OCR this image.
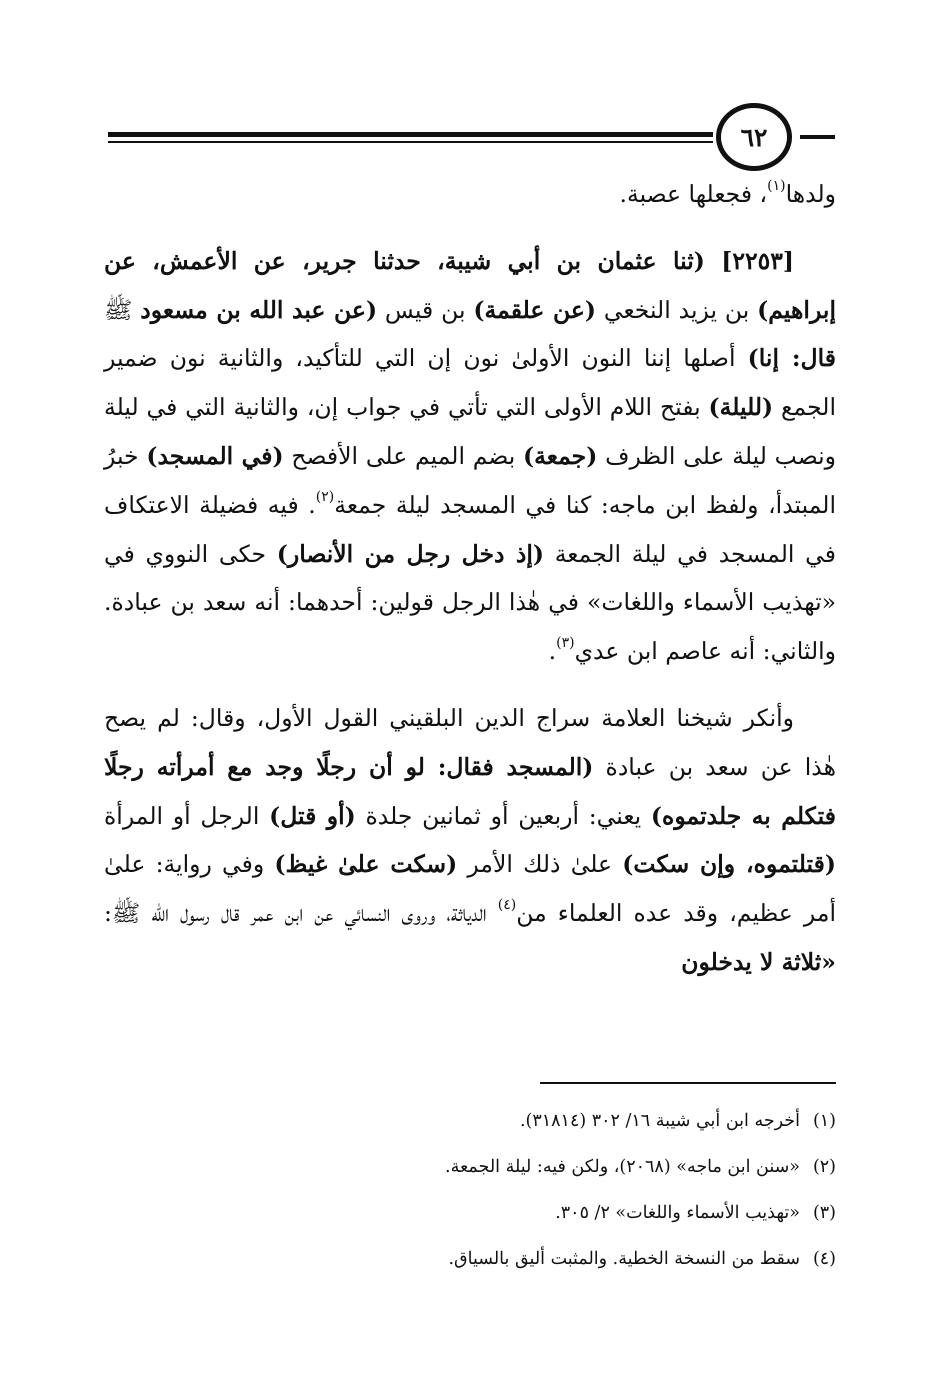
٦٢

ولدها$^{(١)}$، فجعلها عصبة.

[٢٢٥٣] (ثنا عثمان بن أبي شيبة، حدثنا جرير، عن الأعمش، عن إبراهيم) بن يزيد النخعي (عن علقمة) بن قيس (عن عبد الله بن مسعود ﷺ قال: إنا) أصلها إننا النون الأولىٰ نون إن التي للتأكيد، والثانية نون ضمير الجمع (لليلة) بفتح اللام الأولى التي تأتي في جواب إن، والثانية التي في ليلة ونصب ليلة على الظرف (جمعة) بضم الميم على الأفصح (في المسجد) خبرُ المبتدأ، ولفظ ابن ماجه: كنا في المسجد ليلة جمعة$^{(٢)}$. فيه فضيلة الاعتكاف في المسجد في ليلة الجمعة (إذ دخل رجل من الأنصار) حكى النووي في «تهذيب الأسماء واللغات» في هٰذا الرجل قولين: أحدهما: أنه سعد بن عبادة. والثاني: أنه عاصم ابن عدي$^{(٣)}$.

وأنكر شيخنا العلامة سراج الدين البلقيني القول الأول، وقال: لم يصح هٰذا عن سعد بن عبادة (المسجد فقال: لو أن رجلًا وجد مع أمرأته رجلًا فتكلم به جلدتموه) يعني: أربعين أو ثمانين جلدة (أو قتل) الرجل أو المرأة (قتلتموه، وإن سكت) علىٰ ذلك الأمر (سكت علىٰ غيظ) وفي رواية: علىٰ أمر عظيم، وقد عده العلماء من$^{(٤)}$ الدياثة، وروى النسائي عن ابن عمر قال رسول الله ﷺ: «ثلاثة لا يدخلون

(١)أخرجه ابن أبي شيبة ١٦/ ٣٠٢ (٣١٨١٤).
(٢)«سنن ابن ماجه» (٢٠٦٨)، ولكن فيه: ليلة الجمعة.
(٣)«تهذيب الأسماء واللغات» ٢/ ٣٠٥.
(٤)سقط من النسخة الخطية. والمثبت أليق بالسياق.
